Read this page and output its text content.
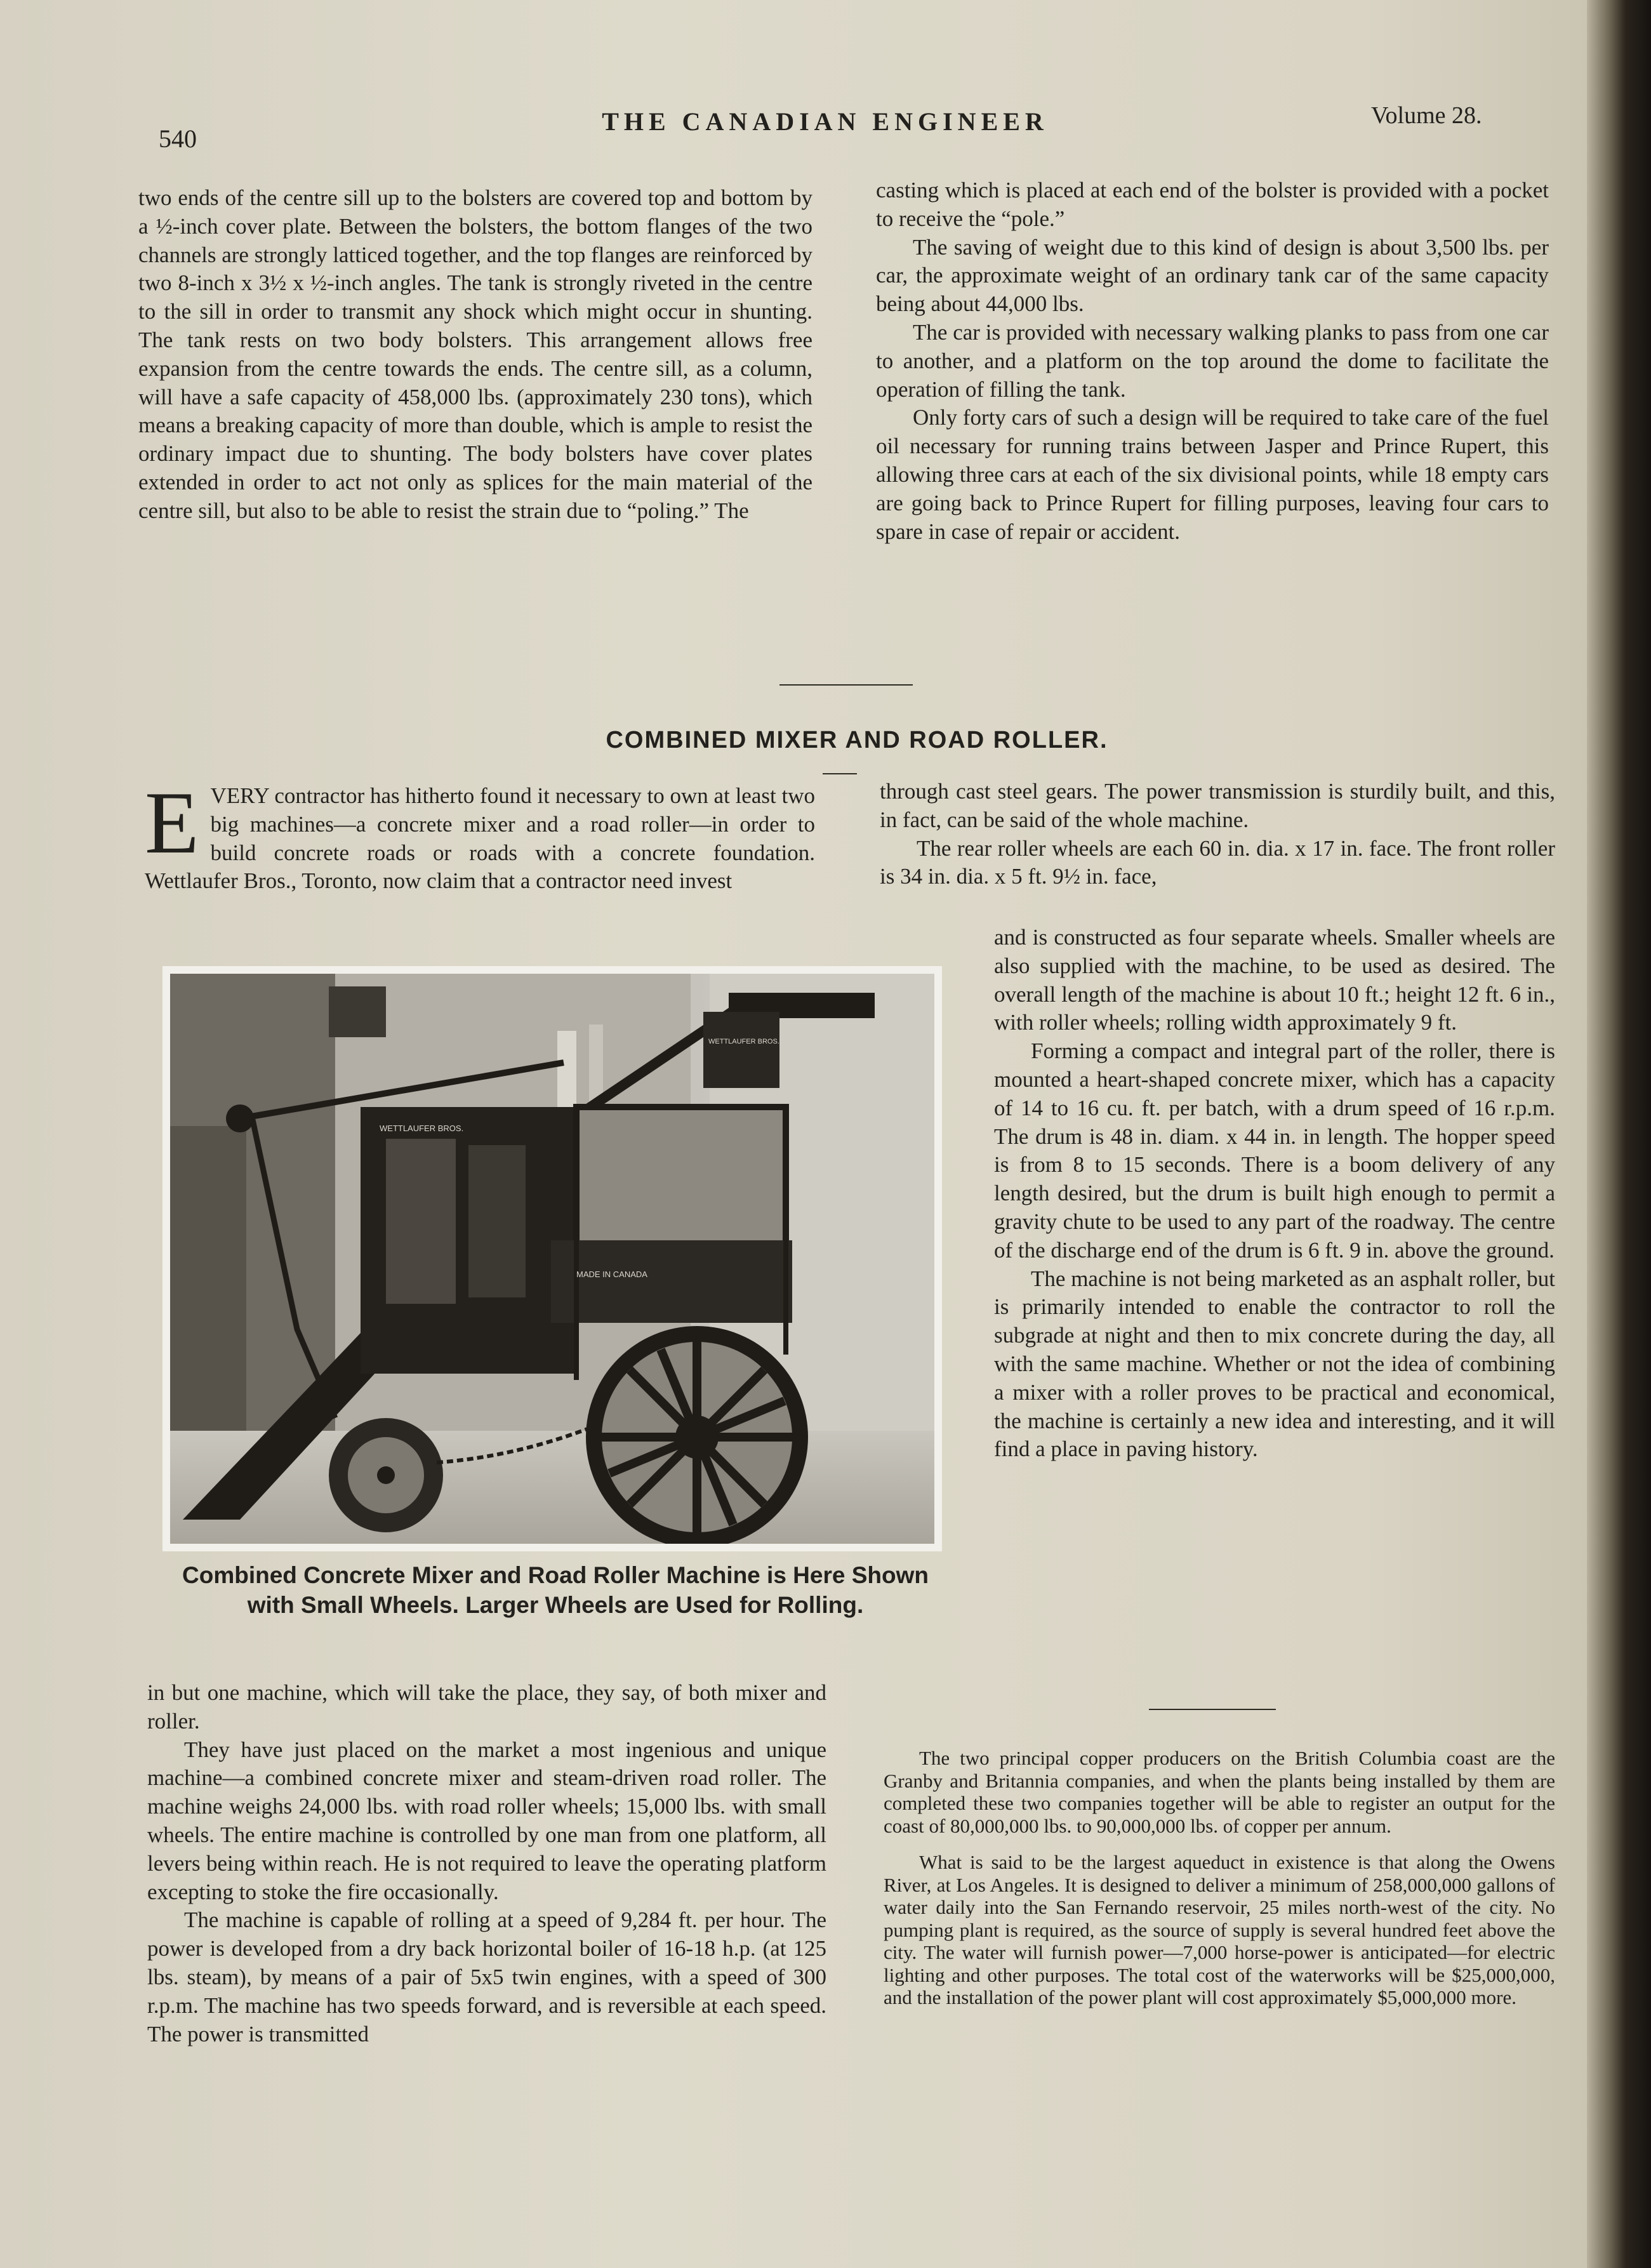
540
THE CANADIAN ENGINEER	Volume 28.

two ends of the centre sill up to the bolsters are covered top and bottom by a ½-inch cover plate. Between the bolsters, the bottom flanges of the two channels are strongly latticed together, and the top flanges are reinforced by two 8-inch x 3½ x ½-inch angles. The tank is strongly riveted in the centre to the sill in order to transmit any shock which might occur in shunting. The tank rests on two body bolsters. This arrangement allows free expansion from the centre towards the ends. The centre sill, as a column, will have a safe capacity of 458,000 lbs. (approximately 230 tons), which means a breaking capacity of more than double, which is ample to resist the ordinary impact due to shunting. The body bolsters have cover plates extended in order to act not only as splices for the main material of the centre sill, but also to be able to resist the strain due to “poling.” The

casting which is placed at each end of the bolster is provided with a pocket to receive the “pole.”

The saving of weight due to this kind of design is about 3,500 lbs. per car, the approximate weight of an ordinary tank car of the same capacity being about 44,000 lbs.

The car is provided with necessary walking planks to pass from one car to another, and a platform on the top around the dome to facilitate the operation of filling the tank.

Only forty cars of such a design will be required to take care of the fuel oil necessary for running trains between Jasper and Prince Rupert, this allowing three cars at each of the six divisional points, while 18 empty cars are going back to Prince Rupert for filling purposes, leaving four cars to spare in case of repair or accident.

COMBINED MIXER AND ROAD ROLLER.

EVERY contractor has hitherto found it necessary to own at least two big machines—a concrete mixer and a road roller—in order to build concrete roads or roads with a concrete foundation. Wettlaufer Bros., Toronto, now claim that a contractor need invest

WETTLAUFER BROS.
MADE IN CANADA
WETTLAUFER BROS.
Combined Concrete Mixer and Road Roller Machine is Here Shown with Small Wheels. Larger Wheels are Used for Rolling.

in but one machine, which will take the place, they say, of both mixer and roller.

They have just placed on the market a most ingenious and unique machine—a combined concrete mixer and steam-driven road roller. The machine weighs 24,000 lbs. with road roller wheels; 15,000 lbs. with small wheels. The entire machine is controlled by one man from one platform, all levers being within reach. He is not required to leave the operating platform excepting to stoke the fire occasionally.

The machine is capable of rolling at a speed of 9,284 ft. per hour. The power is developed from a dry back horizontal boiler of 16-18 h.p. (at 125 lbs. steam), by means of a pair of 5x5 twin engines, with a speed of 300 r.p.m. The machine has two speeds forward, and is reversible at each speed. The power is transmitted

through cast steel gears. The power transmission is sturdily built, and this, in fact, can be said of the whole machine.

The rear roller wheels are each 60 in. dia. x 17 in. face. The front roller is 34 in. dia. x 5 ft. 9½ in. face,

and is constructed as four separate wheels. Smaller wheels are also supplied with the machine, to be used as desired. The overall length of the machine is about 10 ft.; height 12 ft. 6 in., with roller wheels; rolling width approximately 9 ft.

Forming a compact and integral part of the roller, there is mounted a heart-shaped concrete mixer, which has a capacity of 14 to 16 cu. ft. per batch, with a drum speed of 16 r.p.m. The drum is 48 in. diam. x 44 in. in length. The hopper speed is from 8 to 15 seconds. There is a boom delivery of any length desired, but the drum is built high enough to permit a gravity chute to be used to any part of the roadway. The centre of the discharge end of the drum is 6 ft. 9 in. above the ground.

The machine is not being marketed as an asphalt roller, but is primarily intended to enable the contractor to roll the subgrade at night and then to mix concrete during the day, all with the same machine. Whether or not the idea of combining a mixer with a roller proves to be practical and economical, the machine is certainly a new idea and interesting, and it will find a place in paving history.

The two principal copper producers on the British Columbia coast are the Granby and Britannia companies, and when the plants being installed by them are completed these two companies together will be able to register an output for the coast of 80,000,000 lbs. to 90,000,000 lbs. of copper per annum.

What is said to be the largest aqueduct in existence is that along the Owens River, at Los Angeles. It is designed to deliver a minimum of 258,000,000 gallons of water daily into the San Fernando reservoir, 25 miles north-west of the city. No pumping plant is required, as the source of supply is several hundred feet above the city. The water will furnish power—7,000 horse-power is anticipated—for electric lighting and other purposes. The total cost of the waterworks will be $25,000,000, and the installation of the power plant will cost approximately $5,000,000 more.
